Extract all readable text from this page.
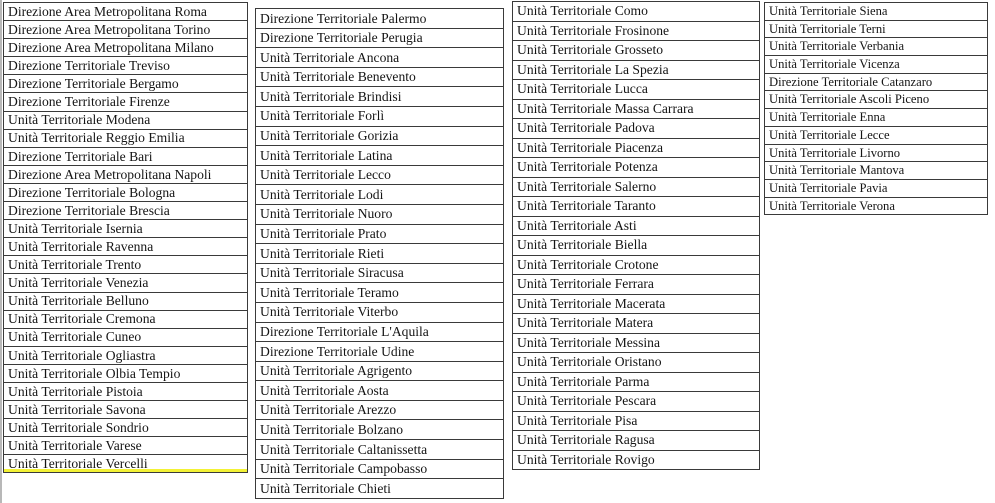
Direzione Area Metropolitana Roma
Direzione Area Metropolitana Torino
Direzione Area Metropolitana Milano
Direzione Territoriale Treviso
Direzione Territoriale Bergamo
Direzione Territoriale Firenze
Unità Territoriale Modena
Unità Territoriale Reggio Emilia
Direzione Territoriale Bari
Direzione Area Metropolitana Napoli
Direzione Territoriale Bologna
Direzione Territoriale Brescia
Unità Territoriale Isernia
Unità Territoriale Ravenna
Unità Territoriale Trento
Unità Territoriale Venezia
Unità Territoriale Belluno
Unità Territoriale Cremona
Unità Territoriale Cuneo
Unità Territoriale Ogliastra
Unità Territoriale Olbia Tempio
Unità Territoriale Pistoia
Unità Territoriale Savona
Unità Territoriale Sondrio
Unità Territoriale Varese
Unità Territoriale Vercelli
Direzione Territoriale Palermo
Direzione Territoriale Perugia
Unità Territoriale Ancona
Unità Territoriale Benevento
Unità Territoriale Brindisi
Unità Territoriale Forlì
Unità Territoriale Gorizia
Unità Territoriale Latina
Unità Territoriale Lecco
Unità Territoriale Lodi
Unità Territoriale Nuoro
Unità Territoriale Prato
Unità Territoriale Rieti
Unità Territoriale Siracusa
Unità Territoriale Teramo
Unità Territoriale Viterbo
Direzione Territoriale L'Aquila
Direzione Territoriale Udine
Unità Territoriale Agrigento
Unità Territoriale Aosta
Unità Territoriale Arezzo
Unità Territoriale Bolzano
Unità Territoriale Caltanissetta
Unità Territoriale Campobasso
Unità Territoriale Chieti
Unità Territoriale Como
Unità Territoriale Frosinone
Unità Territoriale Grosseto
Unità Territoriale La Spezia
Unità Territoriale Lucca
Unità Territoriale Massa Carrara
Unità Territoriale Padova
Unità Territoriale Piacenza
Unità Territoriale Potenza
Unità Territoriale Salerno
Unità Territoriale Taranto
Unità Territoriale Asti
Unità Territoriale Biella
Unità Territoriale Crotone
Unità Territoriale Ferrara
Unità Territoriale Macerata
Unità Territoriale Matera
Unità Territoriale Messina
Unità Territoriale Oristano
Unità Territoriale Parma
Unità Territoriale Pescara
Unità Territoriale Pisa
Unità Territoriale Ragusa
Unità Territoriale Rovigo
Unità Territoriale Siena
Unità Territoriale Terni
Unità Territoriale Verbania
Unità Territoriale Vicenza
Direzione Territoriale Catanzaro
Unità Territoriale Ascoli Piceno
Unità Territoriale Enna
Unità Territoriale Lecce
Unità Territoriale Livorno
Unità Territoriale Mantova
Unità Territoriale Pavia
Unità Territoriale Verona
